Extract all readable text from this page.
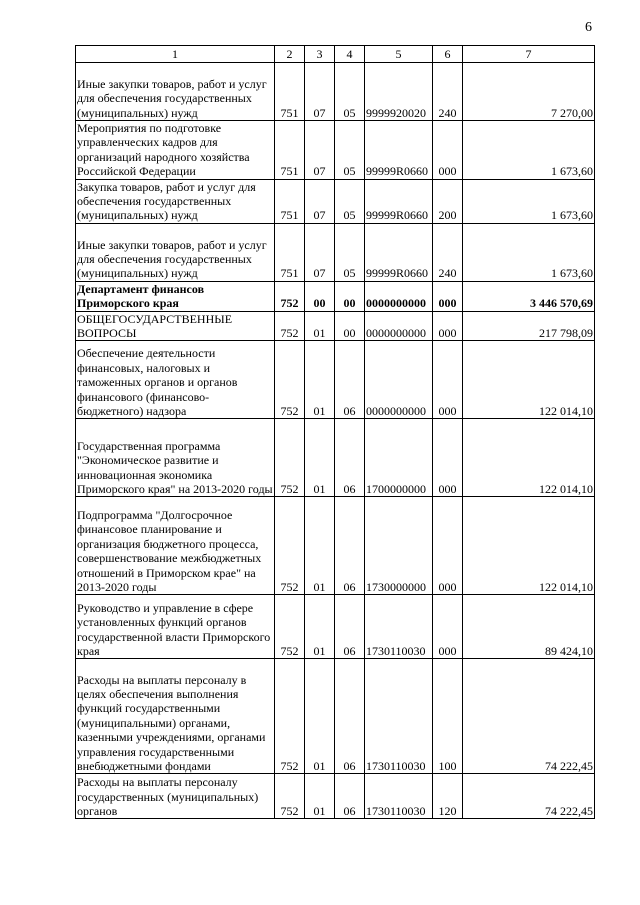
6
1	2	3	4	5	6	7
Иные закупки товаров, работ и услуг для обеспечения государственных (муниципальных) нужд	751	07	05	9999920020	240	7 270,00
Мероприятия по подготовке управленческих кадров для организаций народного хозяйства Российской Федерации	751	07	05	99999R0660	000	1 673,60
Закупка товаров, работ и услуг для обеспечения государственных (муниципальных) нужд	751	07	05	99999R0660	200	1 673,60
Иные закупки товаров, работ и услуг для обеспечения государственных (муниципальных) нужд	751	07	05	99999R0660	240	1 673,60
Департамент финансов Приморского края	752	00	00	0000000000	000	3 446 570,69
ОБЩЕГОСУДАРСТВЕННЫЕ ВОПРОСЫ	752	01	00	0000000000	000	217 798,09
Обеспечение деятельности финансовых, налоговых и таможенных органов и органов финансового (финансово-бюджетного) надзора	752	01	06	0000000000	000	122 014,10
Государственная программа "Экономическое развитие и инновационная экономика Приморского края" на 2013-2020 годы	752	01	06	1700000000	000	122 014,10
Подпрограмма "Долгосрочное финансовое планирование и организация бюджетного процесса, совершенствование межбюджетных отношений в Приморском крае" на 2013-2020 годы	752	01	06	1730000000	000	122 014,10
Руководство и управление в сфере установленных функций органов государственной власти Приморского края	752	01	06	1730110030	000	89 424,10
Расходы на выплаты персоналу в целях обеспечения выполнения функций государственными (муниципальными) органами, казенными учреждениями, органами управления государственными внебюджетными фондами	752	01	06	1730110030	100	74 222,45
Расходы на выплаты персоналу государственных (муниципальных) органов	752	01	06	1730110030	120	74 222,45
